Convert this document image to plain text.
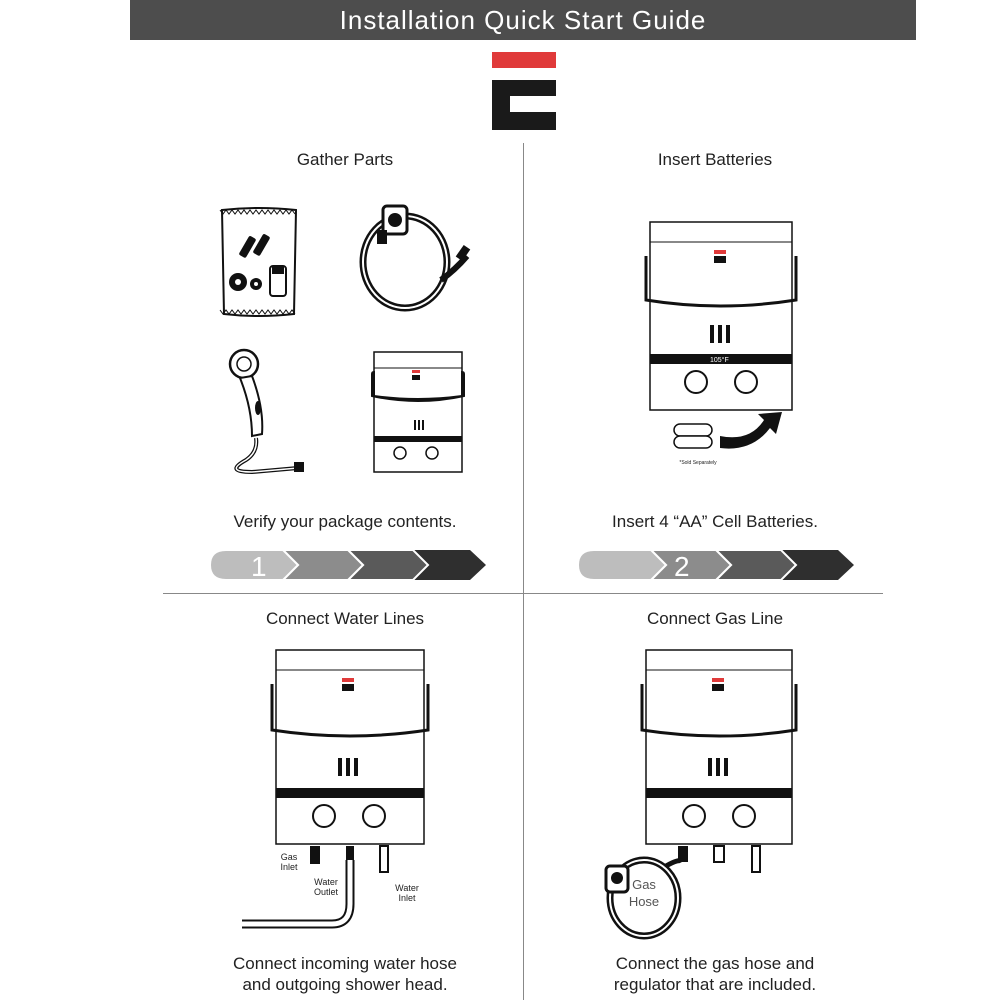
Installation Quick Start Guide
Gather Parts
Verify your package contents.
1
Insert Batteries
105°F
*Sold Separately
Insert 4 “AA” Cell Batteries.
2
Connect Water Lines
Gas
Inlet
Water
Outlet	Water
Inlet
Connect incoming water hose
and outgoing shower head.
Connect Gas Line
Gas
Hose
Connect the gas hose and
regulator that are included.
